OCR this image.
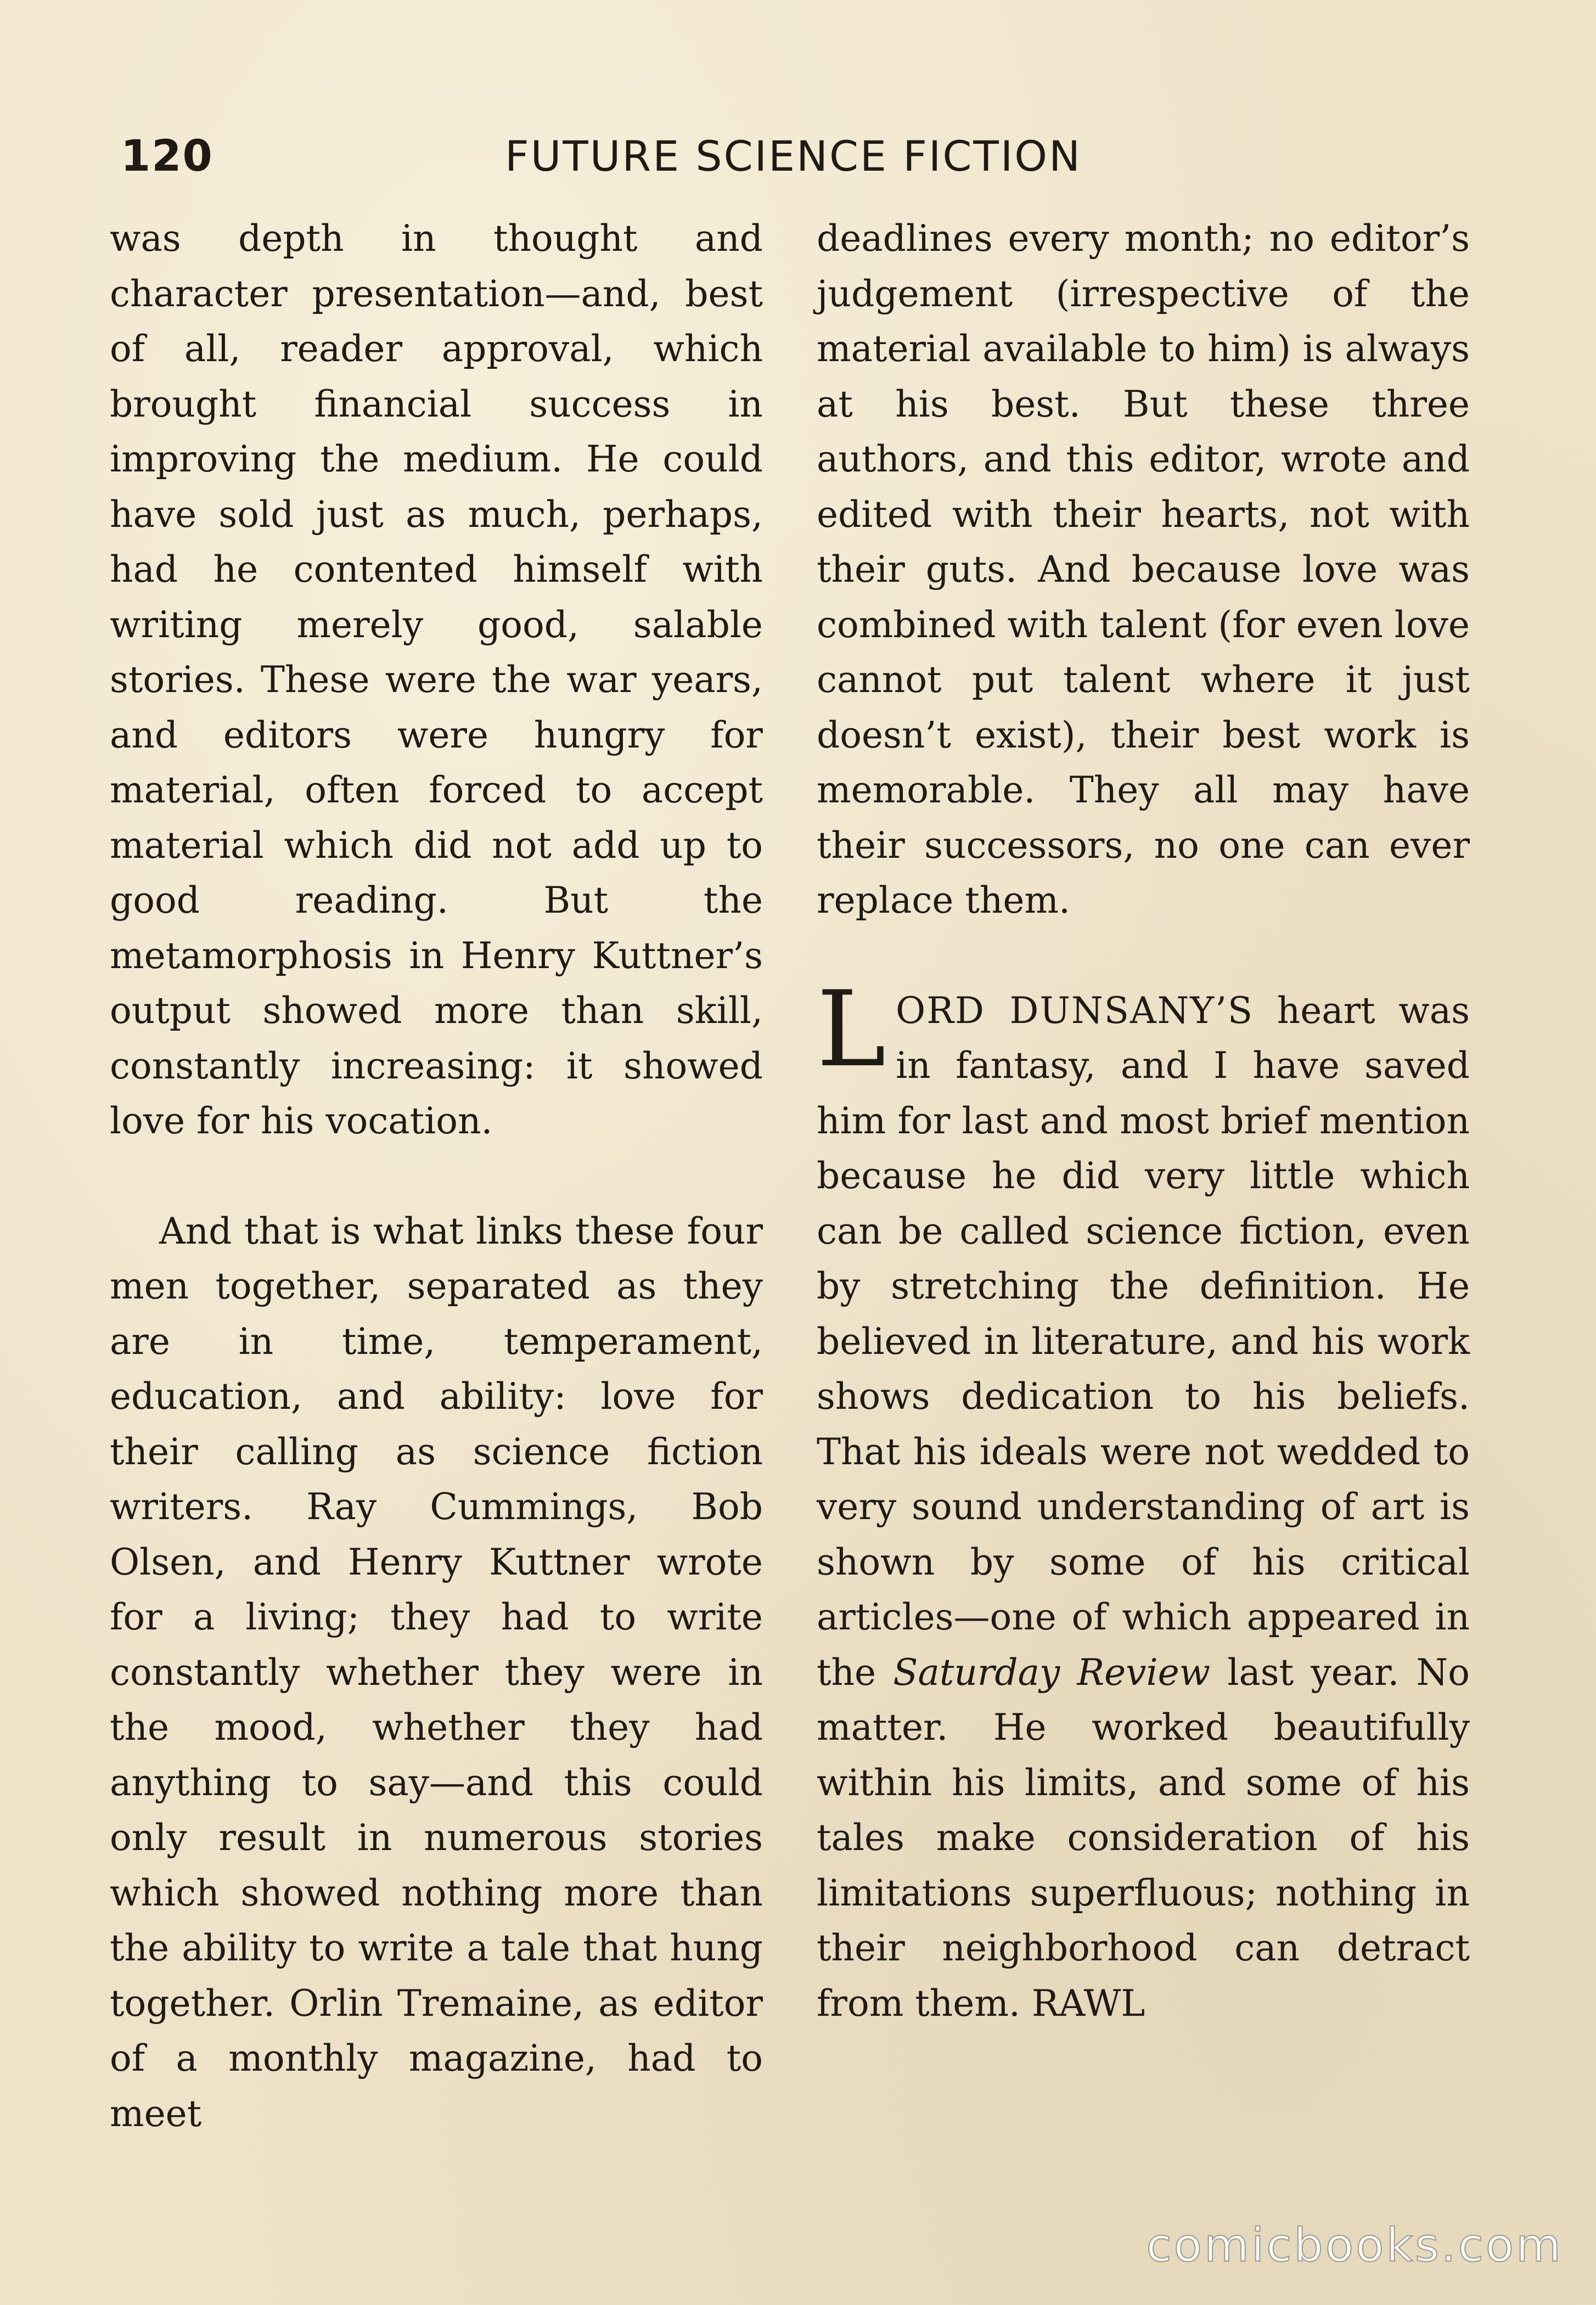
120	FUTURE SCIENCE FICTION

was depth in thought and character presentation—and, best of all, reader approval, which brought financial success in improving the medium. He could have sold just as much, perhaps, had he contented himself with writing merely good, salable stories. These were the war years, and editors were hungry for material, often forced to accept material which did not add up to good reading. But the metamorphosis in Henry Kuttner’s output showed more than skill, constantly increasing: it showed love for his vocation.

And that is what links these four men together, separated as they are in time, temperament, education, and ability: love for their calling as science fiction writers. Ray Cummings, Bob Olsen, and Henry Kuttner wrote for a living; they had to write constantly whether they were in the mood, whether they had anything to say—and this could only result in numerous stories which showed nothing more than the ability to write a tale that hung together. Orlin Tremaine, as editor of a monthly magazine, had to meet

deadlines every month; no editor’s judgement (irrespective of the material available to him) is always at his best. But these three authors, and this editor, wrote and edited with their hearts, not with their guts. And because love was combined with talent (for even love cannot put talent where it just doesn’t exist), their best work is memorable. They all may have their successors, no one can ever replace them.

LORD DUNSANY’S heart was in fantasy, and I have saved him for last and most brief mention because he did very little which can be called science fiction, even by stretching the definition. He believed in literature, and his work shows dedication to his beliefs. That his ideals were not wedded to very sound understanding of art is shown by some of his critical articles—one of which appeared in the Saturday Review last year. No matter. He worked beautifully within his limits, and some of his tales make consideration of his limitations superfluous; nothing in their neighborhood can detract from them. RAWL

comicbooks.com
